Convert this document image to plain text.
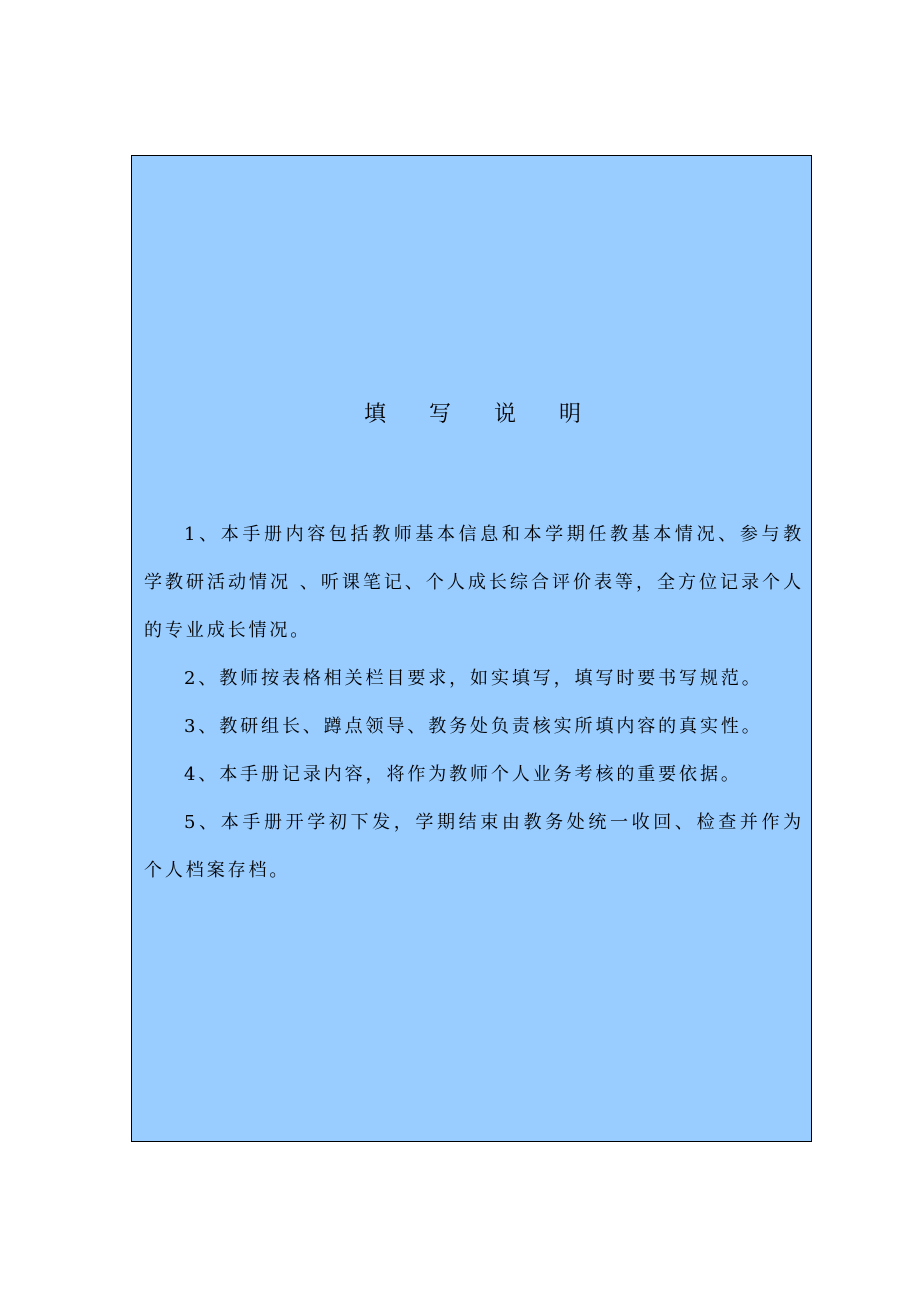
填 写 说 明

1、本手册内容包括教师基本信息和本学期任教基本情况、参与教学教研活动情况 、听课笔记、个人成长综合评价表等，全方位记录个人的专业成长情况。

2、教师按表格相关栏目要求，如实填写，填写时要书写规范。

3、教研组长、蹲点领导、教务处负责核实所填内容的真实性。

4、本手册记录内容，将作为教师个人业务考核的重要依据。

5、本手册开学初下发，学期结束由教务处统一收回、检查并作为个人档案存档。
